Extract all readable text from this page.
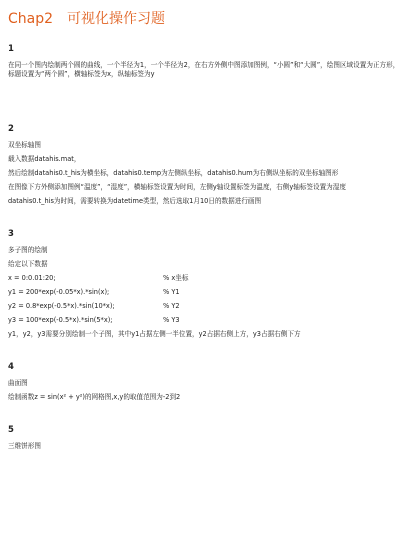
Chap2 可视化操作习题
1
在同一个图内绘制两个圆的曲线，一个半径为1，一个半径为2，在右方外侧中图添加图例，“小圆”和“大圆”，绘图区域设置为正方形，标题设置为“两个圆”，横轴标签为x，纵轴标签为y
2
双坐标轴图
载入数据datahis.mat，
然后绘制datahis0.t_his为横坐标，datahis0.temp为左侧纵坐标，datahis0.hum为右侧纵坐标的双坐标轴图形
在图像下方外侧添加图例“温度”，“湿度”，横轴标签设置为时间，左侧y轴设置标签为温度，右侧y轴标签设置为湿度
datahis0.t_his为时间，需要转换为datetime类型，然后选取1月10日的数据进行画图
3
多子图的绘制
给定以下数据
x = 0:0.01:20;	% x坐标
y1 = 200*exp(-0.05*x).*sin(x);	% Y1
y2 = 0.8*exp(-0.5*x).*sin(10*x);	% Y2
y3 = 100*exp(-0.5*x).*sin(5*x);	% Y3
y1，y2，y3需要分别绘制一个子图，其中y1占据左侧一半位置，y2占据右侧上方，y3占据右侧下方
4
曲面图
绘制函数z = sin(x² + y²)的网格图,x,y的取值范围为-2到2
5
三维饼形图
